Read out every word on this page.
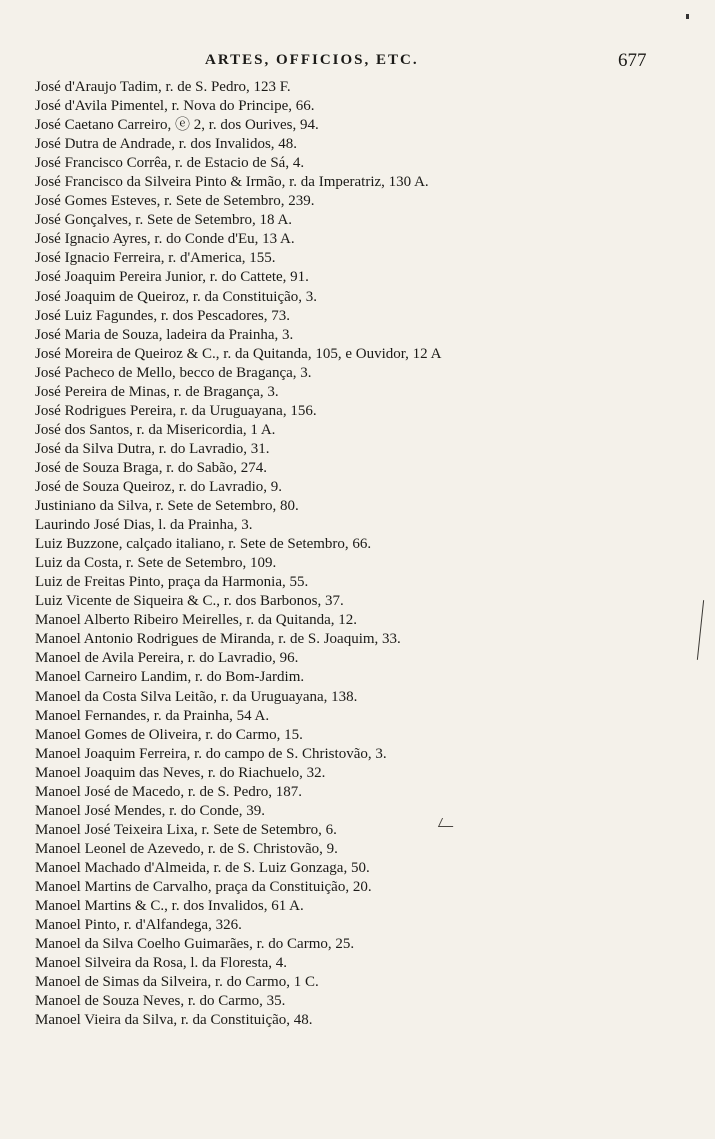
ARTES, OFFICIOS, ETC.	677
José d'Araujo Tadim, r. de S. Pedro, 123 F.
José d'Avila Pimentel, r. Nova do Principe, 66.
José Caetano Carreiro, ⓔ 2, r. dos Ourives, 94.
José Dutra de Andrade, r. dos Invalidos, 48.
José Francisco Corrêa, r. de Estacio de Sá, 4.
José Francisco da Silveira Pinto & Irmão, r. da Imperatriz, 130 A.
José Gomes Esteves, r. Sete de Setembro, 239.
José Gonçalves, r. Sete de Setembro, 18 A.
José Ignacio Ayres, r. do Conde d'Eu, 13 A.
José Ignacio Ferreira, r. d'America, 155.
José Joaquim Pereira Junior, r. do Cattete, 91.
José Joaquim de Queiroz, r. da Constituição, 3.
José Luiz Fagundes, r. dos Pescadores, 73.
José Maria de Souza, ladeira da Prainha, 3.
José Moreira de Queiroz & C., r. da Quitanda, 105, e Ouvidor, 12 A
José Pacheco de Mello, becco de Bragança, 3.
José Pereira de Minas, r. de Bragança, 3.
José Rodrigues Pereira, r. da Uruguayana, 156.
José dos Santos, r. da Misericordia, 1 A.
José da Silva Dutra, r. do Lavradio, 31.
José de Souza Braga, r. do Sabão, 274.
José de Souza Queiroz, r. do Lavradio, 9.
Justiniano da Silva, r. Sete de Setembro, 80.
Laurindo José Dias, l. da Prainha, 3.
Luiz Buzzone, calçado italiano, r. Sete de Setembro, 66.
Luiz da Costa, r. Sete de Setembro, 109.
Luiz de Freitas Pinto, praça da Harmonia, 55.
Luiz Vicente de Siqueira & C., r. dos Barbonos, 37.
Manoel Alberto Ribeiro Meirelles, r. da Quitanda, 12.
Manoel Antonio Rodrigues de Miranda, r. de S. Joaquim, 33.
Manoel de Avila Pereira, r. do Lavradio, 96.
Manoel Carneiro Landim, r. do Bom-Jardim.
Manoel da Costa Silva Leitão, r. da Uruguayana, 138.
Manoel Fernandes, r. da Prainha, 54 A.
Manoel Gomes de Oliveira, r. do Carmo, 15.
Manoel Joaquim Ferreira, r. do campo de S. Christovão, 3.
Manoel Joaquim das Neves, r. do Riachuelo, 32.
Manoel José de Macedo, r. de S. Pedro, 187.
Manoel José Mendes, r. do Conde, 39.
Manoel José Teixeira Lixa, r. Sete de Setembro, 6.
Manoel Leonel de Azevedo, r. de S. Christovão, 9.
Manoel Machado d'Almeida, r. de S. Luiz Gonzaga, 50.
Manoel Martins de Carvalho, praça da Constituição, 20.
Manoel Martins & C., r. dos Invalidos, 61 A.
Manoel Pinto, r. d'Alfandega, 326.
Manoel da Silva Coelho Guimarães, r. do Carmo, 25.
Manoel Silveira da Rosa, l. da Floresta, 4.
Manoel de Simas da Silveira, r. do Carmo, 1 C.
Manoel de Souza Neves, r. do Carmo, 35.
Manoel Vieira da Silva, r. da Constituição, 48.
